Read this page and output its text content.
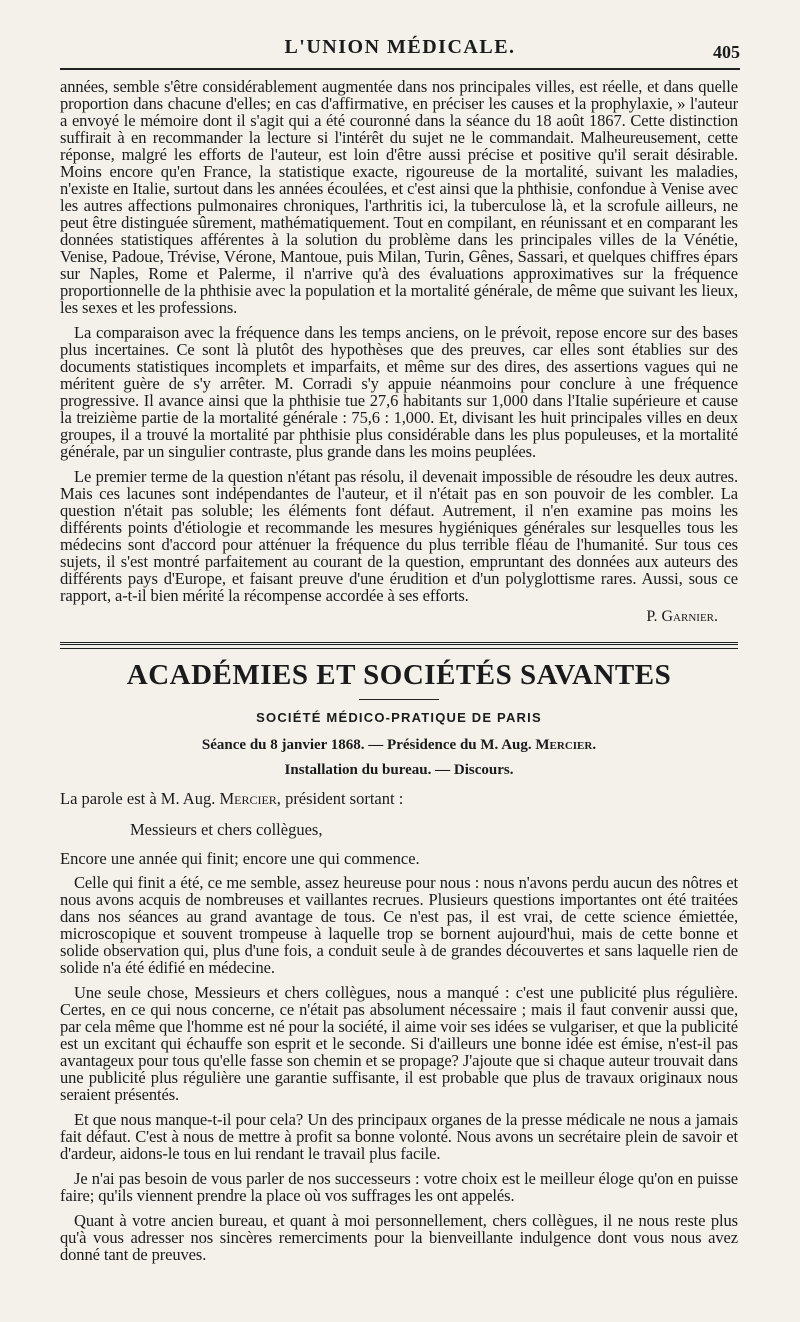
L'UNION MÉDICALE.	405

années, semble s'être considérablement augmentée dans nos principales villes, est réelle, et dans quelle proportion dans chacune d'elles; en cas d'affirmative, en préciser les causes et la prophylaxie, » l'auteur a envoyé le mémoire dont il s'agit qui a été couronné dans la séance du 18 août 1867. Cette distinction suffirait à en recommander la lecture si l'intérêt du sujet ne le commandait. Malheureusement, cette réponse, malgré les efforts de l'auteur, est loin d'être aussi précise et positive qu'il serait désirable. Moins encore qu'en France, la statistique exacte, rigoureuse de la mortalité, suivant les maladies, n'existe en Italie, surtout dans les années écoulées, et c'est ainsi que la phthisie, confondue à Venise avec les autres affections pulmonaires chroniques, l'arthritis ici, la tuberculose là, et la scrofule ailleurs, ne peut être distinguée sûrement, mathématiquement. Tout en compilant, en réunissant et en comparant les données statistiques afférentes à la solution du problème dans les principales villes de la Vénétie, Venise, Padoue, Trévise, Vérone, Mantoue, puis Milan, Turin, Gênes, Sassari, et quelques chiffres épars sur Naples, Rome et Palerme, il n'arrive qu'à des évaluations approximatives sur la fréquence proportionnelle de la phthisie avec la population et la mortalité générale, de même que suivant les lieux, les sexes et les professions.

La comparaison avec la fréquence dans les temps anciens, on le prévoit, repose encore sur des bases plus incertaines. Ce sont là plutôt des hypothèses que des preuves, car elles sont établies sur des documents statistiques incomplets et imparfaits, et même sur des dires, des assertions vagues qui ne méritent guère de s'y arrêter. M. Corradi s'y appuie néanmoins pour conclure à une fréquence progressive. Il avance ainsi que la phthisie tue 27,6 habitants sur 1,000 dans l'Italie supérieure et cause la treizième partie de la mortalité générale : 75,6 : 1,000. Et, divisant les huit principales villes en deux groupes, il a trouvé la mortalité par phthisie plus considérable dans les plus populeuses, et la mortalité générale, par un singulier contraste, plus grande dans les moins peuplées.

Le premier terme de la question n'étant pas résolu, il devenait impossible de résoudre les deux autres. Mais ces lacunes sont indépendantes de l'auteur, et il n'était pas en son pouvoir de les combler. La question n'était pas soluble; les éléments font défaut. Autrement, il n'en examine pas moins les différents points d'étiologie et recommande les mesures hygiéniques générales sur lesquelles tous les médecins sont d'accord pour atténuer la fréquence du plus terrible fléau de l'humanité. Sur tous ces sujets, il s'est montré parfaitement au courant de la question, empruntant des données aux auteurs des différents pays d'Europe, et faisant preuve d'une érudition et d'un polyglottisme rares. Aussi, sous ce rapport, a-t-il bien mérité la récompense accordée à ses efforts.

P. Garnier.

ACADÉMIES ET SOCIÉTÉS SAVANTES
SOCIÉTÉ MÉDICO-PRATIQUE DE PARIS
Séance du 8 janvier 1868. — Présidence du M. Aug. Mercier.
Installation du bureau. — Discours.

La parole est à M. Aug. Mercier, président sortant :

Messieurs et chers collègues,

Encore une année qui finit; encore une qui commence.

Celle qui finit a été, ce me semble, assez heureuse pour nous : nous n'avons perdu aucun des nôtres et nous avons acquis de nombreuses et vaillantes recrues. Plusieurs questions importantes ont été traitées dans nos séances au grand avantage de tous. Ce n'est pas, il est vrai, de cette science émiettée, microscopique et souvent trompeuse à laquelle trop se bornent aujourd'hui, mais de cette bonne et solide observation qui, plus d'une fois, a conduit seule à de grandes découvertes et sans laquelle rien de solide n'a été édifié en médecine.

Une seule chose, Messieurs et chers collègues, nous a manqué : c'est une publicité plus régulière. Certes, en ce qui nous concerne, ce n'était pas absolument nécessaire ; mais il faut convenir aussi que, par cela même que l'homme est né pour la société, il aime voir ses idées se vulgariser, et que la publicité est un excitant qui échauffe son esprit et le seconde. Si d'ailleurs une bonne idée est émise, n'est-il pas avantageux pour tous qu'elle fasse son chemin et se propage? J'ajoute que si chaque auteur trouvait dans une publicité plus régulière une garantie suffisante, il est probable que plus de travaux originaux nous seraient présentés.

Et que nous manque-t-il pour cela? Un des principaux organes de la presse médicale ne nous a jamais fait défaut. C'est à nous de mettre à profit sa bonne volonté. Nous avons un secrétaire plein de savoir et d'ardeur, aidons-le tous en lui rendant le travail plus facile.

Je n'ai pas besoin de vous parler de nos successeurs : votre choix est le meilleur éloge qu'on en puisse faire; qu'ils viennent prendre la place où vos suffrages les ont appelés.

Quant à votre ancien bureau, et quant à moi personnellement, chers collègues, il ne nous reste plus qu'à vous adresser nos sincères remerciments pour la bienveillante indulgence dont vous nous avez donné tant de preuves.
